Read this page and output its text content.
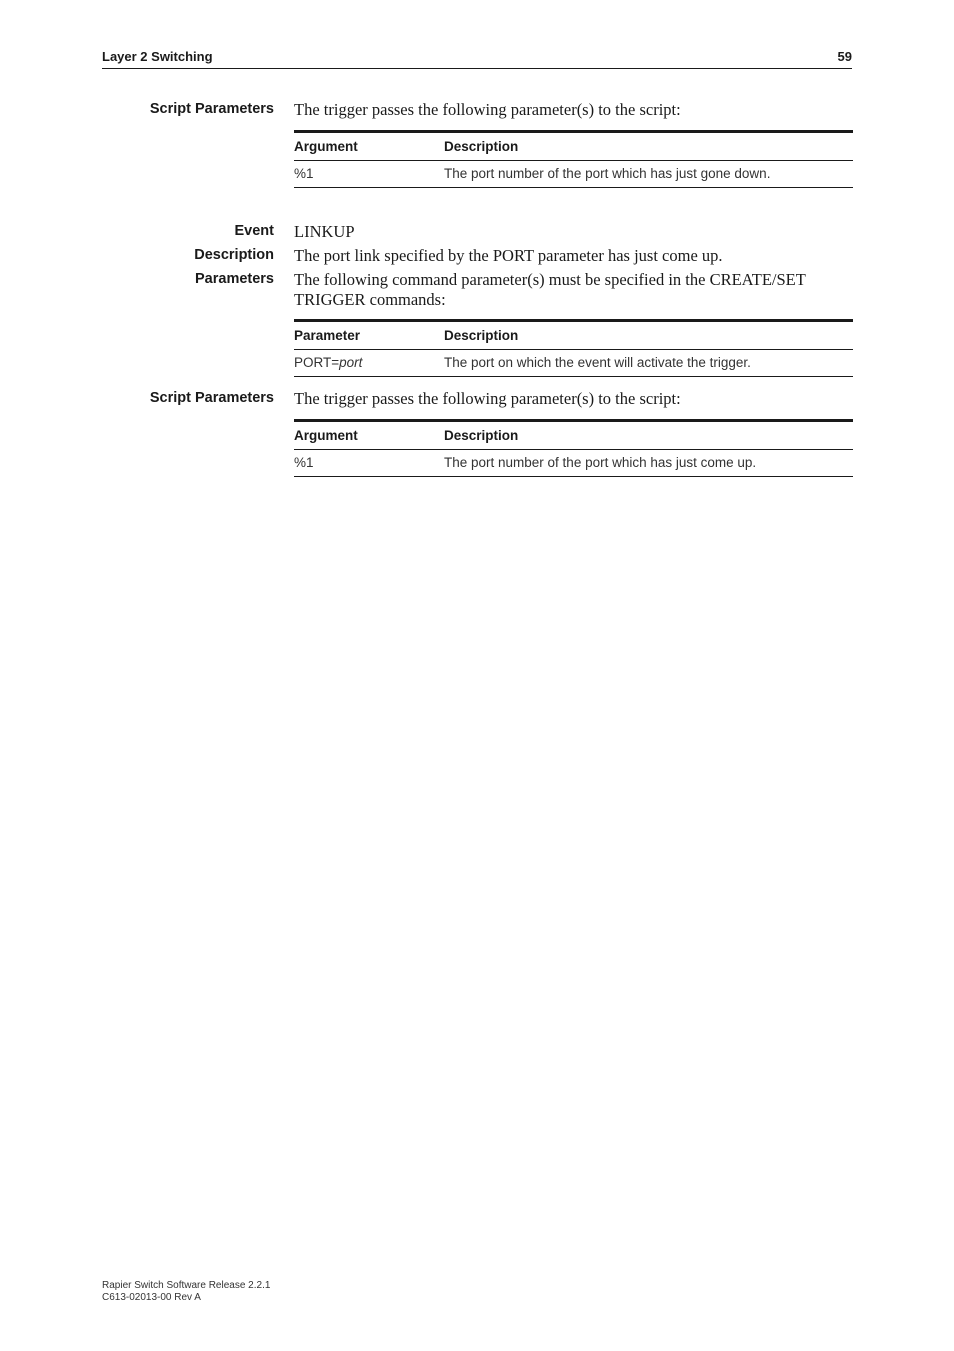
Layer 2 Switching	59
Script Parameters The trigger passes the following parameter(s) to the script:
Argument	Description
%1	The port number of the port which has just gone down.
Event LINKUP
Description The port link specified by the PORT parameter has just come up.
Parameters The following command parameter(s) must be specified in the CREATE/SET TRIGGER commands:
Parameter	Description
PORT=port	The port on which the event will activate the trigger.
Script Parameters The trigger passes the following parameter(s) to the script:
Argument	Description
%1	The port number of the port which has just come up.
Rapier Switch Software Release 2.2.1
C613-02013-00 Rev A
